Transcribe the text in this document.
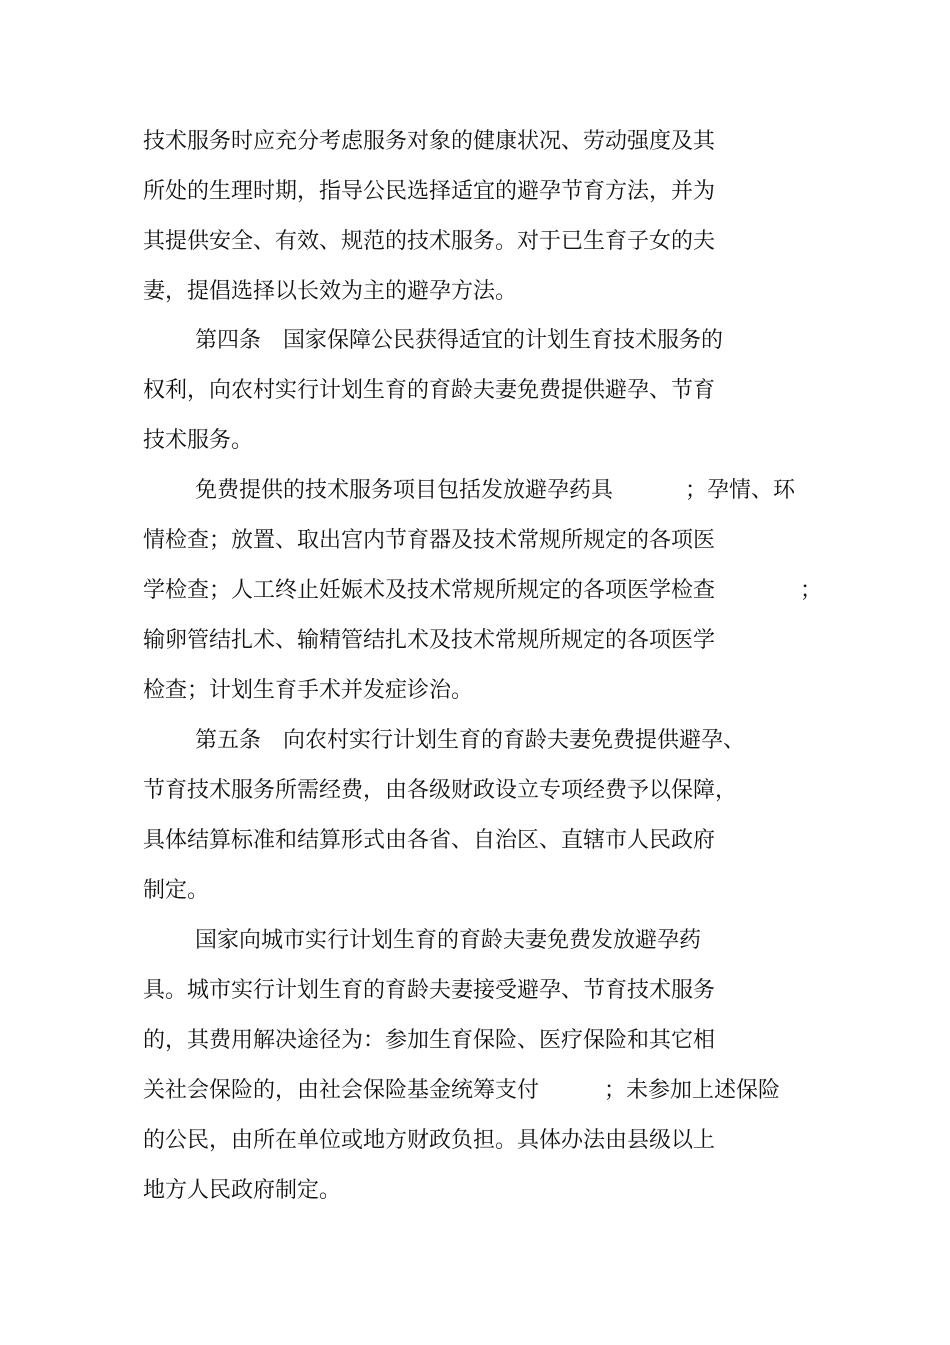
技术服务时应充分考虑服务对象的健康状况、劳动强度及其
所处的生理时期，指导公民选择适宜的避孕节育方法，并为
其提供安全、有效、规范的技术服务。对于已生育子女的夫
妻，提倡选择以长效为主的避孕方法。
第四条　国家保障公民获得适宜的计划生育技术服务的
权利，向农村实行计划生育的育龄夫妻免费提供避孕、节育
技术服务。
免费提供的技术服务项目包括发放避孕药具	；孕情、环
情检查；放置、取出宫内节育器及技术常规所规定的各项医
学检查；人工终止妊娠术及技术常规所规定的各项医学检查	；
输卵管结扎术、输精管结扎术及技术常规所规定的各项医学
检查；计划生育手术并发症诊治。
第五条　向农村实行计划生育的育龄夫妻免费提供避孕、
节育技术服务所需经费，由各级财政设立专项经费予以保障，
具体结算标准和结算形式由各省、自治区、直辖市人民政府
制定。
国家向城市实行计划生育的育龄夫妻免费发放避孕药
具。城市实行计划生育的育龄夫妻接受避孕、节育技术服务
的，其费用解决途径为：参加生育保险、医疗保险和其它相
关社会保险的，由社会保险基金统筹支付	；未参加上述保险
的公民，由所在单位或地方财政负担。具体办法由县级以上
地方人民政府制定。
